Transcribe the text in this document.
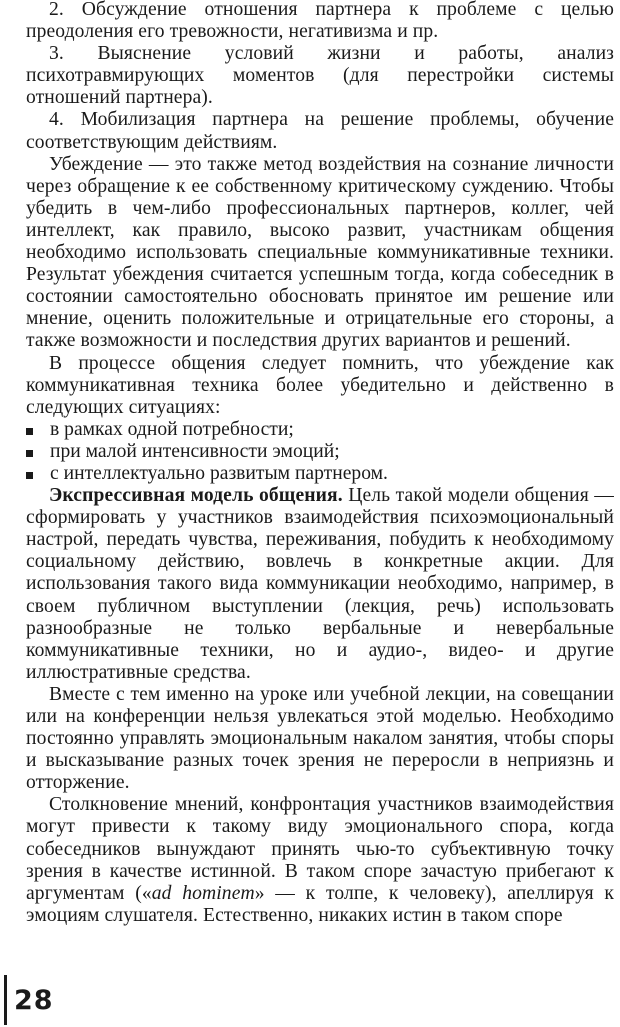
2. Обсуждение отношения партнера к проблеме с целью преодоления его тревожности, негативизма и пр.

3. Выяснение условий жизни и работы, анализ психотравмирующих моментов (для перестройки системы отношений партнера).

4. Мобилизация партнера на решение проблемы, обучение соответствующим действиям.

Убеждение — это также метод воздействия на сознание личности через обращение к ее собственному критическому суждению. Чтобы убедить в чем-либо профессиональных партнеров, коллег, чей интеллект, как правило, высоко развит, участникам общения необходимо использовать специальные коммуникативные техники. Результат убеждения считается успешным тогда, когда собеседник в состоянии самостоятельно обосновать принятое им решение или мнение, оценить положительные и отрицательные его стороны, а также возможности и последствия других вариантов и решений.

В процессе общения следует помнить, что убеждение как коммуникативная техника более убедительно и действенно в следующих ситуациях:

в рамках одной потребности;
при малой интенсивности эмоций;
с интеллектуально развитым партнером.

Экспрессивная модель общения. Цель такой модели общения — сформировать у участников взаимодействия психоэмоциональный настрой, передать чувства, переживания, побудить к необходимому социальному действию, вовлечь в конкретные акции. Для использования такого вида коммуникации необходимо, например, в своем публичном выступлении (лекция, речь) использовать разнообразные не только вербальные и невербальные коммуникативные техники, но и аудио-, видео- и другие иллюстративные средства.

Вместе с тем именно на уроке или учебной лекции, на совещании или на конференции нельзя увлекаться этой моделью. Необходимо постоянно управлять эмоциональным накалом занятия, чтобы споры и высказывание разных точек зрения не переросли в неприязнь и отторжение.

Столкновение мнений, конфронтация участников взаимодействия могут привести к такому виду эмоционального спора, когда собеседников вынуждают принять чью-то субъективную точку зрения в качестве истинной. В таком споре зачастую прибегают к аргументам («ad hominem» — к толпе, к человеку), апеллируя к эмоциям слушателя. Естественно, никаких истин в таком споре

28
